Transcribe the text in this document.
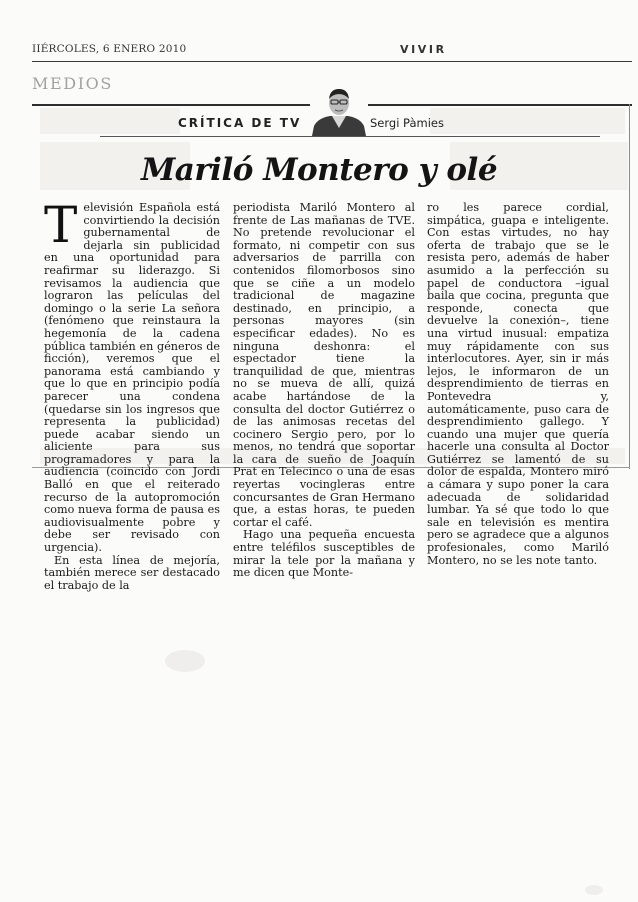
IIÉRCOLES, 6 ENERO 2010	VIVIR
MEDIOS
CRÍTICA DE TV	Sergi Pàmies
Mariló Montero y olé
T elevisión Española está convirtiendo la decisión gubernamental de dejarla sin publicidad en una oportunidad para reafirmar su liderazgo. Si revisamos la audiencia que lograron las películas del domingo o la serie La señora (fenómeno que reinstaura la hegemonía de la cadena pública también en géneros de ficción), veremos que el panorama está cambiando y que lo que en principio podía parecer una condena (quedarse sin los ingresos que representa la publicidad) puede acabar siendo un aliciente para sus programadores y para la audiencia (coincido con Jordi Balló en que el reiterado recurso de la autopromoción como nueva forma de pausa es audiovisualmente pobre y debe ser revisado con urgencia).

En esta línea de mejoría, también merece ser destacado el trabajo de la

periodista Mariló Montero al frente de Las mañanas de TVE. No pretende revolucionar el formato, ni competir con sus adversarios de parrilla con contenidos filomorbosos sino que se ciñe a un modelo tradicional de magazine destinado, en principio, a personas mayores (sin especificar edades). No es ninguna deshonra: el espectador tiene la tranquilidad de que, mientras no se mueva de allí, quizá acabe hartándose de la consulta del doctor Gutiérrez o de las animosas recetas del cocinero Sergio pero, por lo menos, no tendrá que soportar la cara de sueño de Joaquín Prat en Telecinco o una de esas reyertas vocingleras entre concursantes de Gran Hermano que, a estas horas, te pueden cortar el café.

Hago una pequeña encuesta entre teléfilos susceptibles de mirar la tele por la mañana y me dicen que Monte-

ro les parece cordial, simpática, guapa e inteligente. Con estas virtudes, no hay oferta de trabajo que se le resista pero, además de haber asumido a la perfección su papel de conductora –igual baila que cocina, pregunta que responde, conecta que devuelve la conexión–, tiene una virtud inusual: empatiza muy rápidamente con sus interlocutores. Ayer, sin ir más lejos, le informaron de un desprendimiento de tierras en Pontevedra y, automáticamente, puso cara de desprendimiento gallego. Y cuando una mujer que quería hacerle una consulta al Doctor Gutiérrez se lamentó de su dolor de espalda, Montero miró a cámara y supo poner la cara adecuada de solidaridad lumbar. Ya sé que todo lo que sale en televisión es mentira pero se agradece que a algunos profesionales, como Mariló Montero, no se les note tanto.
